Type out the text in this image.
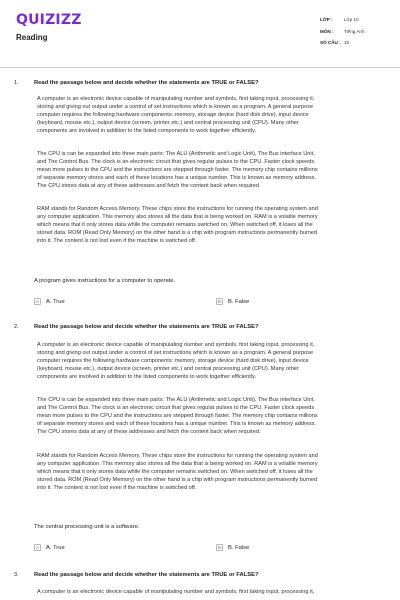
QUIZIZZ
Reading
LỚP :	Lớp 10
MÔN :	Tiếng Anh
SỐ CÂU : 15
1.	Read the passage below and decide whether the statements are TRUE or FALSE?
A computer is an electronic device capable of manipulating number and symbols, first taking input, processing it,
storing and giving out output under a control of set instructions which is known as a program. A general purpose
computer requires the following hardware components: memory, storage device (hard disk drive), input device
(keyboard, mouse etc.), output device (screen, printer etc.) and central processing unit (CPU). Many other
components are involved in addition to the listed components to work together efficiently.
The CPU is can be expanded into three main parts: The ALU (Arithmetic and Logic Unit), The Bus interface Unit,
and The Control Bus. The clock is an electronic circuit that gives regular pulses to the CPU. Faster clock speeds
mean more pulses to the CPU and the instructions are stepped through faster. The memory chip contains millions
of separate memory stores and each of these locations has a unique number. This is known as memory address.
The CPU stores data at any of these addresses and fetch the content back when required.
RAM stands for Random Access Memory. These chips store the instructions for running the operating system and
any computer application. This memory also stores all the data that is being worked on. RAM is a volatile memory
which means that it only stores data while the computer remains switched on. When switched off, it loses all the
stored data. ROM (Read Only Memory) on the other hand is a chip with program instructions permanently burned
into it. The content is not lost even if the machine is switched off.
A program gives instructions for a computer to operate.
A	A. True	B	B. False
2.	Read the passage below and decide whether the statements are TRUE or FALSE?
A computer is an electronic device capable of manipulating number and symbols, first taking input, processing it,
storing and giving out output under a control of set instructions which is known as a program. A general purpose
computer requires the following hardware components: memory, storage device (hard disk drive), input device
(keyboard, mouse etc.), output device (screen, printer etc.) and central processing unit (CPU). Many other
components are involved in addition to the listed components to work together efficiently.
The CPU is can be expanded into three main parts: The ALU (Arithmetic and Logic Unit), The Bus interface Unit,
and The Control Bus. The clock is an electronic circuit that gives regular pulses to the CPU. Faster clock speeds
mean more pulses to the CPU and the instructions are stepped through faster. The memory chip contains millions
of separate memory stores and each of these locations has a unique number. This is known as memory address.
The CPU stores data at any of these addresses and fetch the content back when required.
RAM stands for Random Access Memory. These chips store the instructions for running the operating system and
any computer application. This memory also stores all the data that is being worked on. RAM is a volatile memory
which means that it only stores data while the computer remains switched on. When switched off, it loses all the
stored data. ROM (Read Only Memory) on the other hand is a chip with program instructions permanently burned
into it. The content is not lost even if the machine is switched off.
The central processing unit is a software.
A	A. True	B	B. False
3.	Read the passage below and decide whether the statements are TRUE or FALSE?
A computer is an electronic device capable of manipulating number and symbols, first taking input, processing it,
